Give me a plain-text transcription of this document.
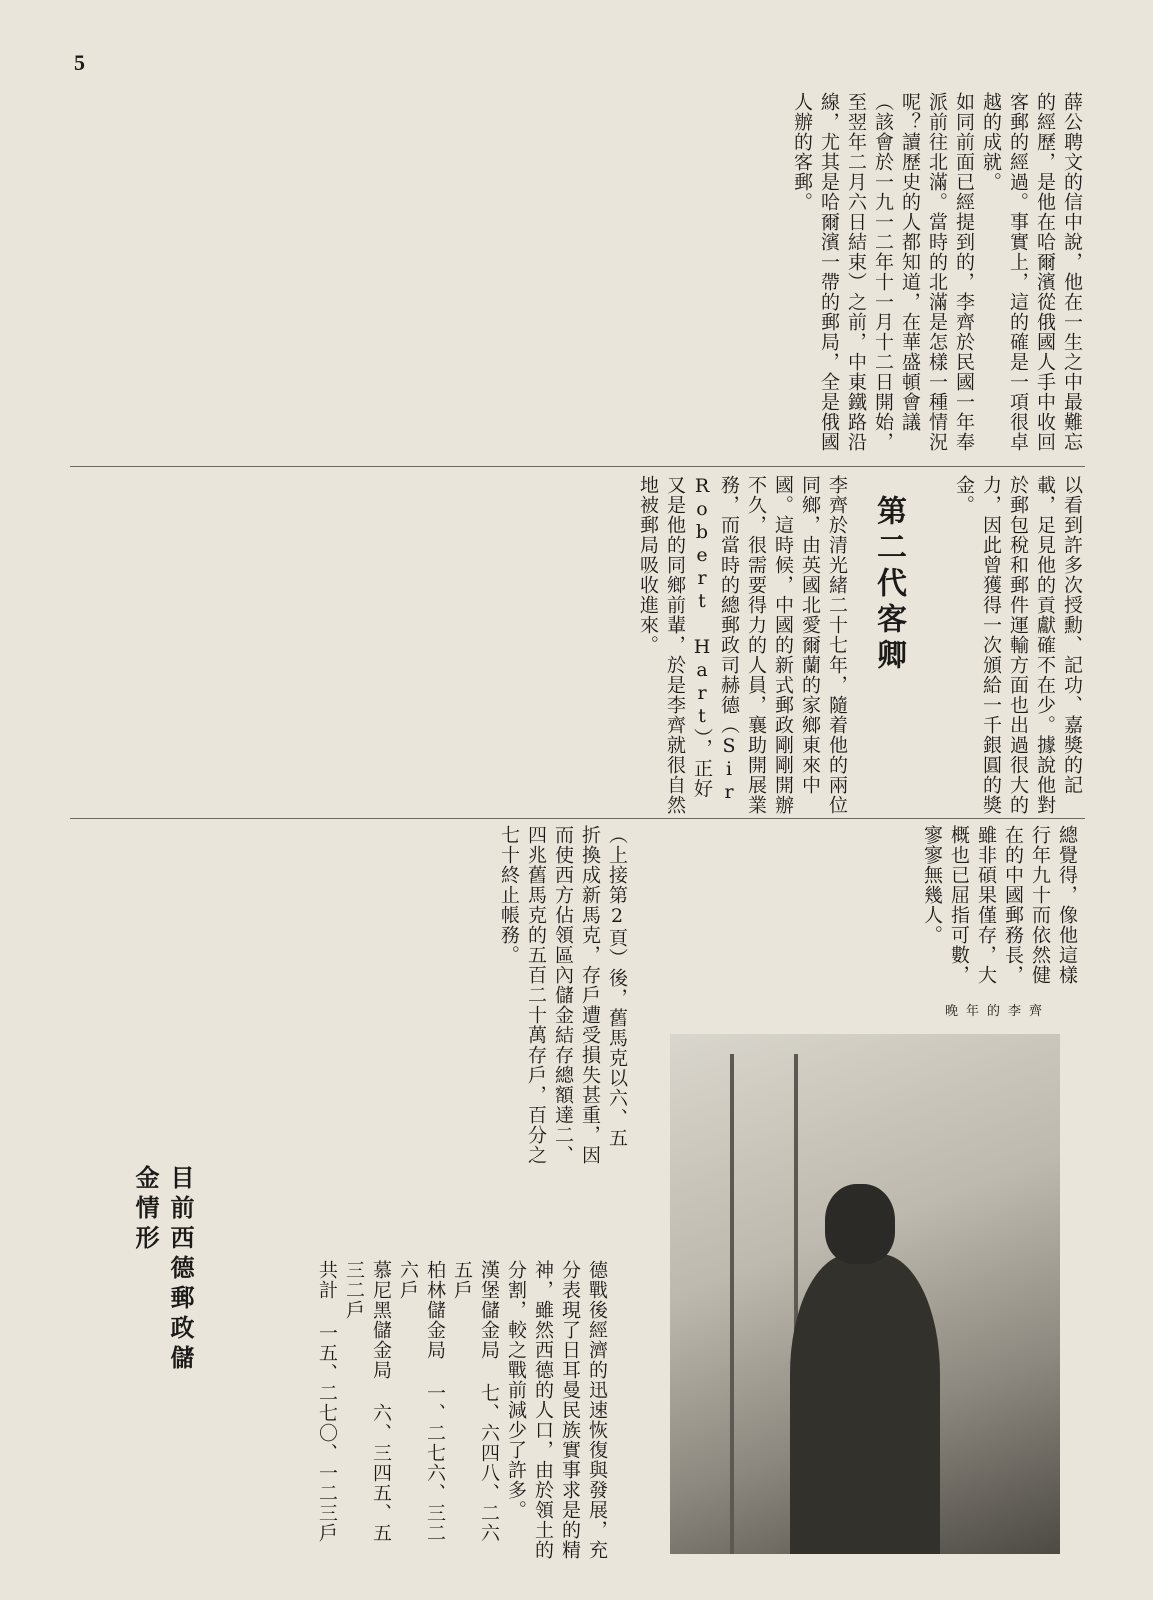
5

薛公聘文的信中說，他在一生之中最難忘的經歷，是他在哈爾濱從俄國人手中收回客郵的經過。事實上，這的確是一項很卓越的成就。

如同前面已經提到的，李齊於民國一年奉派前往北滿。當時的北滿是怎樣一種情況呢？讀歷史的人都知道，在華盛頓會議（該會於一九一二年十一月十二日開始，至翌年二月六日結束）之前，中東鐵路沿線，尤其是哈爾濱一帶的郵局，全是俄國人辦的客郵。

以看到許多次授勳、記功、嘉獎的記載，足見他的貢獻確不在少。據說他對於郵包稅和郵件運輸方面也出過很大的力，因此曾獲得一次頒給一千銀圓的獎金。

第二代客卿

李齊於清光緒二十七年，隨着他的兩位同鄉，由英國北愛爾蘭的家鄉東來中國。這時候，中國的新式郵政剛剛開辦不久，很需要得力的人員，襄助開展業務，而當時的總郵政司赫德（Sir Robert Hart），正好又是他的同鄉前輩，於是李齊就很自然地被郵局吸收進來。

總覺得，像他這樣行年九十而依然健在的中國郵務長，雖非碩果僅存，大概也已屈指可數，寥寥無幾人。

（上接第2頁）後，舊馬克以六、五折換成新馬克，存戶遭受損失甚重，因而使西方佔領區內儲金結存總額達二、四兆舊馬克的五百二十萬存戶，百分之七十終止帳務。

目前西德郵政儲金情形

德戰後經濟的迅速恢復與發展，充分表現了日耳曼民族實事求是的精神，雖然西德的人口，由於領土的分割，較之戰前減少了許多。

漢堡儲金局 七、六四八、二六五戶

柏林儲金局 一、二七六、三二六戶

慕尼黑儲金局 六、三四五、五三二戶

共計 一五、二七〇、一二三戶

晚年的李齊
